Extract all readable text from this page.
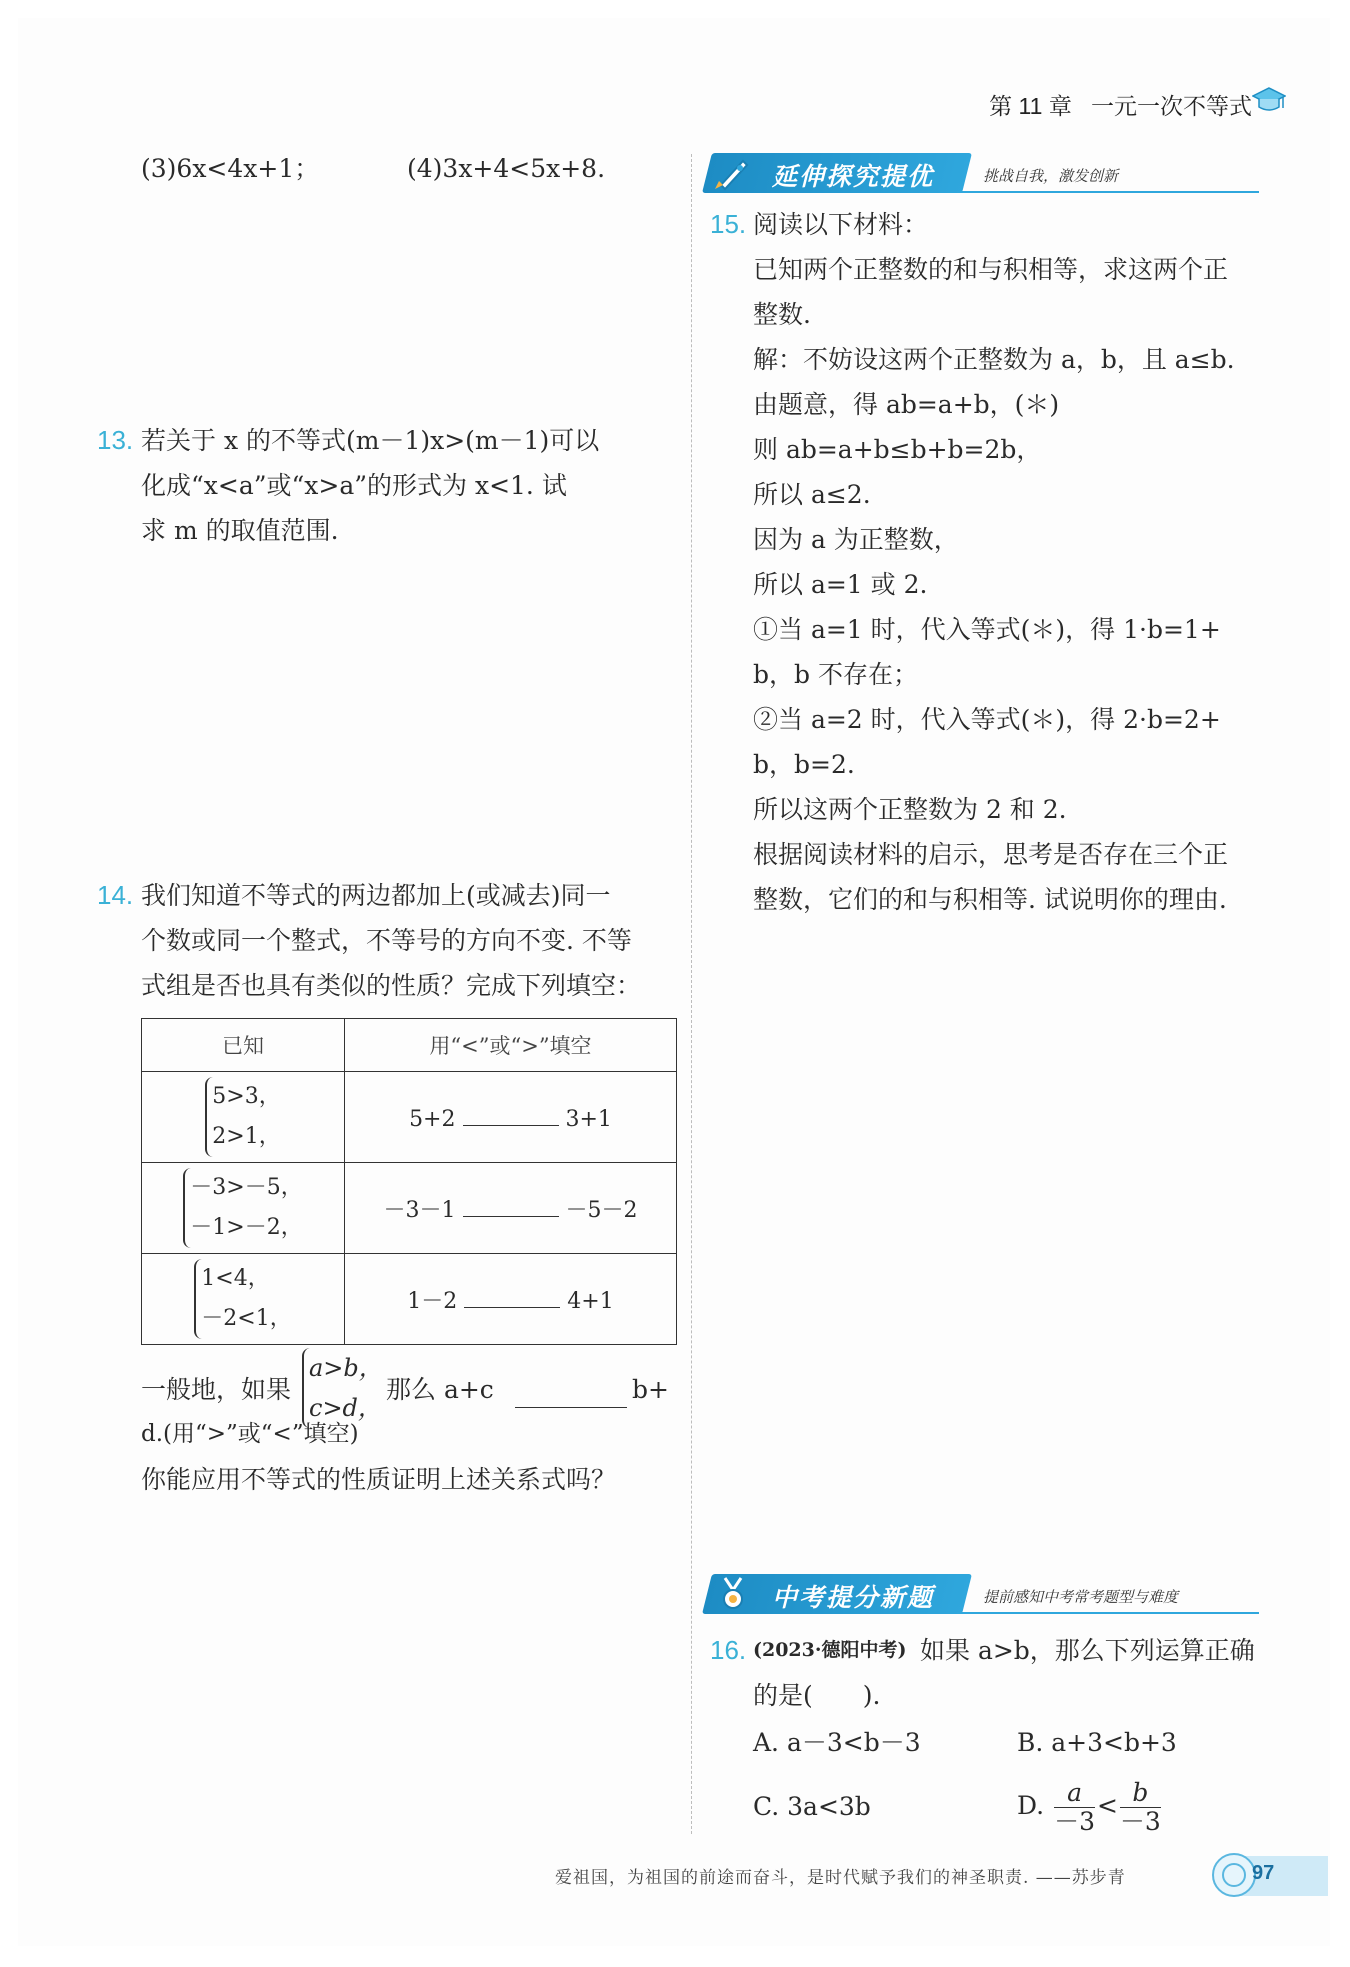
第 11 章 一元一次不等式
(3)6x<4x+1；	(4)3x+4<5x+8.
13. 若关于 x 的不等式(m－1)x>(m－1)可以
化成“x<a”或“x>a”的形式为 x<1. 试
求 m 的取值范围.
14. 我们知道不等式的两边都加上(或减去)同一
个数或同一个整式，不等号的方向不变. 不等
式组是否也具有类似的性质？完成下列填空：
已知	用“<”或“>”填空
5>3，
2>1，	5+2 3+1
－3>－5，
－1>－2，	－3－1 －5－2
1<4，
－2<1，	1－2 4+1
一般地，如果
a>b，
c>d，
那么 a+c	b+
d.(用“>”或“<”填空)
你能应用不等式的性质证明上述关系式吗？
延伸探究提优	挑战自我，激发创新
15. 阅读以下材料：
已知两个正整数的和与积相等，求这两个正
整数.
解：不妨设这两个正整数为 a，b，且 a≤b.
由题意，得 ab=a+b，(＊)
则 ab=a+b≤b+b=2b，
所以 a≤2.
因为 a 为正整数，
所以 a=1 或 2.
①当 a=1 时，代入等式(＊)，得 1·b=1+
b，b 不存在；
②当 a=2 时，代入等式(＊)，得 2·b=2+
b，b=2.
所以这两个正整数为 2 和 2.
根据阅读材料的启示，思考是否存在三个正
整数，它们的和与积相等. 试说明你的理由.
中考提分新题	提前感知中考常考题型与难度
16. (2023·德阳中考) 如果 a>b，那么下列运算正确
的是(　　).
A. a－3<b－3	B. a+3<b+3
C. 3a<3b	D. $\frac{a}{-3} < \frac{b}{-3}$
爱祖国，为祖国的前途而奋斗，是时代赋予我们的神圣职责. ——苏步青	97
